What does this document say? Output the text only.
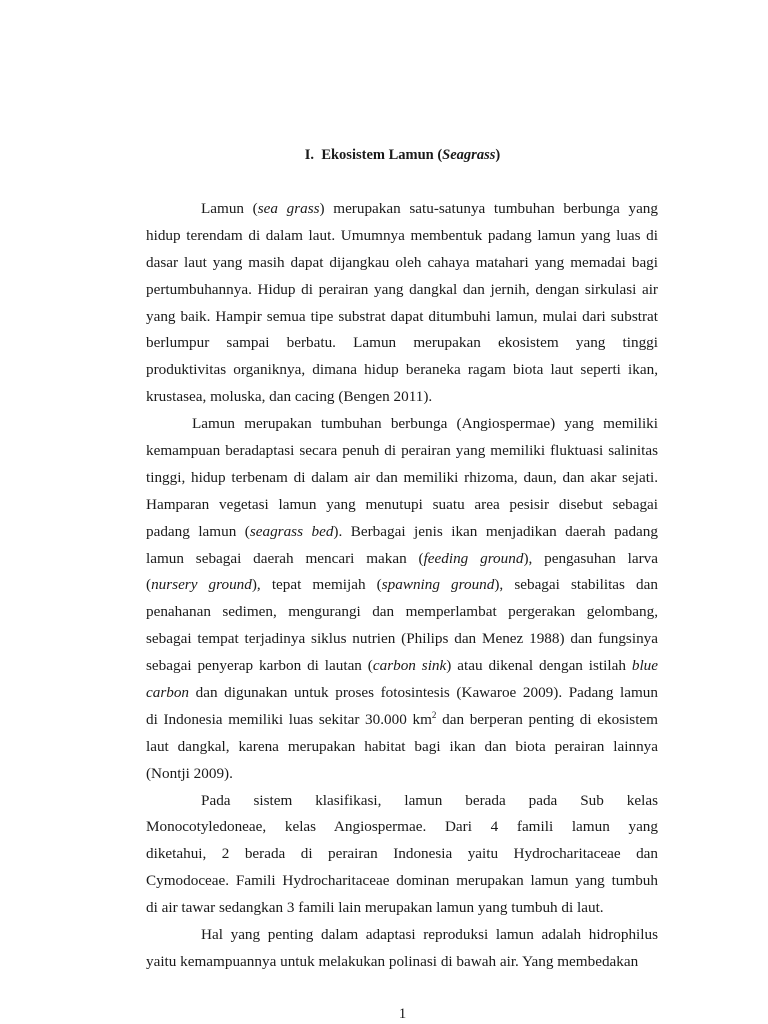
I. Ekosistem Lamun (Seagrass)
Lamun (sea grass) merupakan satu-satunya tumbuhan berbunga yang
hidup terendam di dalam laut. Umumnya membentuk padang lamun yang luas di
dasar laut yang masih dapat dijangkau oleh cahaya matahari yang memadai bagi
pertumbuhannya. Hidup di perairan yang dangkal dan jernih, dengan sirkulasi air
yang baik. Hampir semua tipe substrat dapat ditumbuhi lamun, mulai dari substrat
berlumpur sampai berbatu. Lamun merupakan ekosistem yang tinggi
produktivitas organiknya, dimana hidup beraneka ragam biota laut seperti ikan,
krustasea, moluska, dan cacing (Bengen 2011).
Lamun merupakan tumbuhan berbunga (Angiospermae) yang memiliki
kemampuan beradaptasi secara penuh di perairan yang memiliki fluktuasi salinitas
tinggi, hidup terbenam di dalam air dan memiliki rhizoma, daun, dan akar sejati.
Hamparan vegetasi lamun yang menutupi suatu area pesisir disebut sebagai
padang lamun (seagrass bed). Berbagai jenis ikan menjadikan daerah padang
lamun sebagai daerah mencari makan (feeding ground), pengasuhan larva
(nursery ground), tepat memijah (spawning ground), sebagai stabilitas dan
penahanan sedimen, mengurangi dan memperlambat pergerakan gelombang,
sebagai tempat terjadinya siklus nutrien (Philips dan Menez 1988) dan fungsinya
sebagai penyerap karbon di lautan (carbon sink) atau dikenal dengan istilah blue
carbon dan digunakan untuk proses fotosintesis (Kawaroe 2009). Padang lamun
di Indonesia memiliki luas sekitar 30.000 $km^2$ dan berperan penting di ekosistem
laut dangkal, karena merupakan habitat bagi ikan dan biota perairan lainnya
(Nontji 2009).
Pada sistem klasifikasi, lamun berada pada Sub kelas
Monocotyledoneae, kelas Angiospermae. Dari 4 famili lamun yang
diketahui, 2 berada di perairan Indonesia yaitu Hydrocharitaceae dan
Cymodoceae. Famili Hydrocharitaceae dominan merupakan lamun yang tumbuh
di air tawar sedangkan 3 famili lain merupakan lamun yang tumbuh di laut.
Hal yang penting dalam adaptasi reproduksi lamun adalah hidrophilus
yaitu kemampuannya untuk melakukan polinasi di bawah air. Yang membedakan
1
